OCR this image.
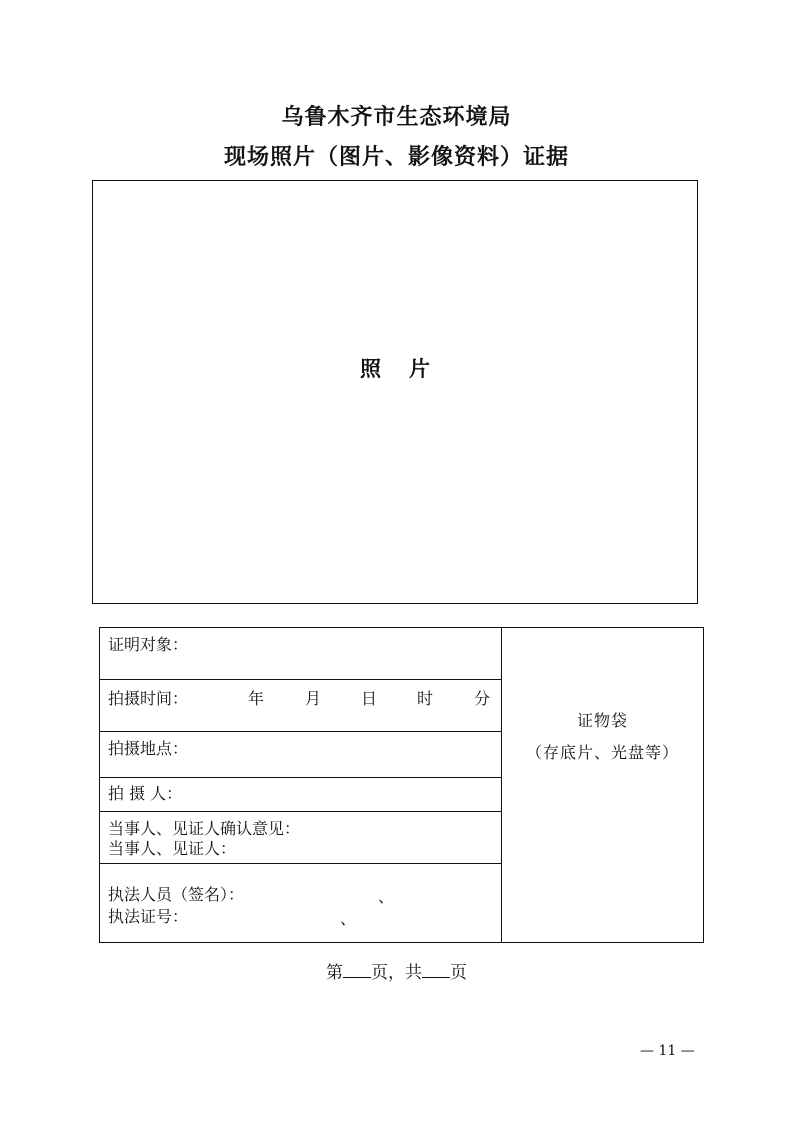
乌鲁木齐市生态环境局
现场照片（图片、影像资料）证据
照片
证明对象：
拍摄时间：	年	月 日 时	分
拍摄地点：
拍 摄 人：
当事人、见证人确认意见：
当事人、见证人：
执法人员（签名）：	、
执法证号：	、
证物袋
（存底片、光盘等）
第 页，共 页
— 11 —
